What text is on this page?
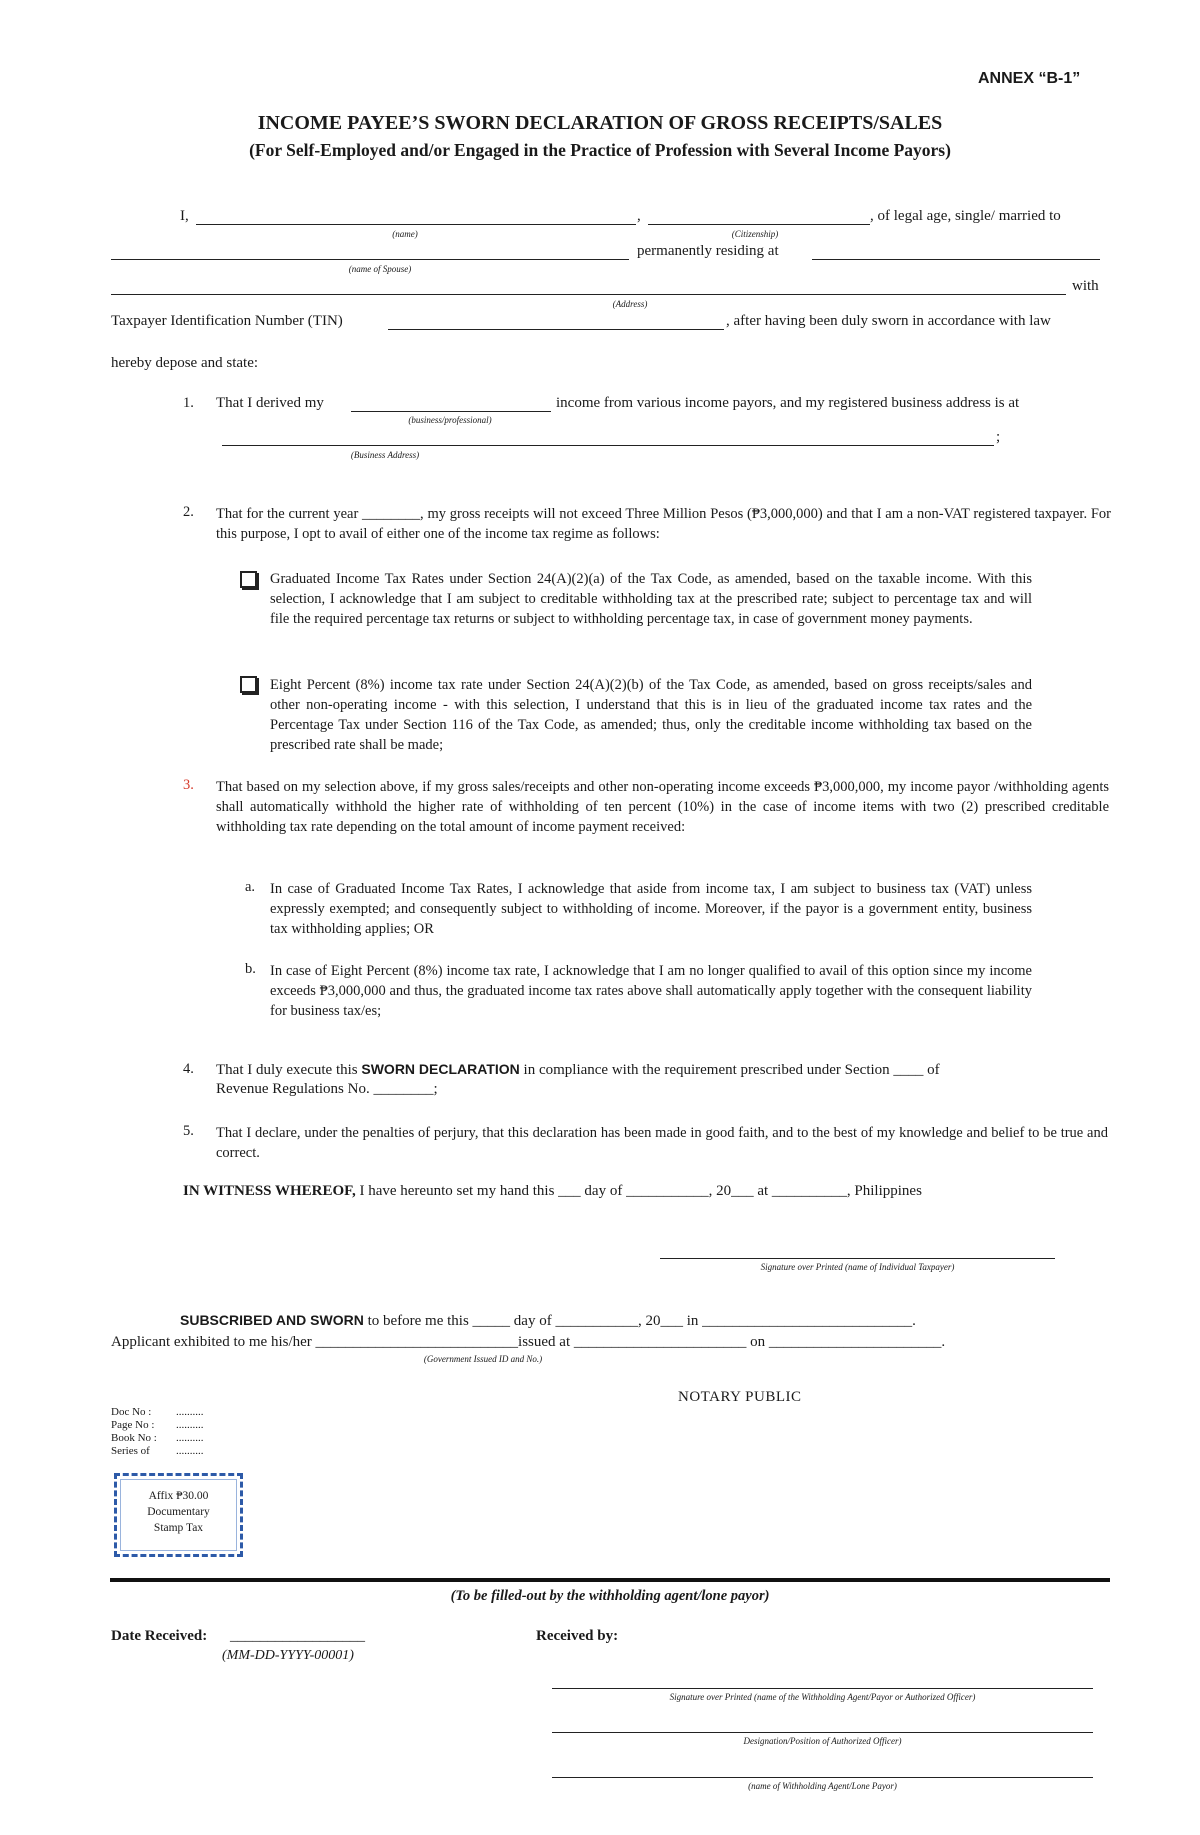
ANNEX “B-1”
INCOME PAYEE’S SWORN DECLARATION OF GROSS RECEIPTS/SALES
(For Self-Employed and/or Engaged in the Practice of Profession with Several Income Payors)
I,	,	, of legal age, single/ married to
(name)	(Citizenship)
permanently residing at
(name of Spouse)
with
(Address)
Taxpayer Identification Number (TIN)	, after having been duly sworn in accordance with law
hereby depose and state:
1. That I derived my	income from various income payors, and my registered business address is at
(business/professional)
;
(Business Address)
2. That for the current year ________, my gross receipts will not exceed Three Million Pesos (₱3,000,000) and that I am a non-VAT registered taxpayer. For this purpose, I opt to avail of either one of the income tax regime as follows:
Graduated Income Tax Rates under Section 24(A)(2)(a) of the Tax Code, as amended, based on the taxable income. With this selection, I acknowledge that I am subject to creditable withholding tax at the prescribed rate; subject to percentage tax and will file the required percentage tax returns or subject to withholding percentage tax, in case of government money payments.
Eight Percent (8%) income tax rate under Section 24(A)(2)(b) of the Tax Code, as amended, based on gross receipts/sales and other non-operating income - with this selection, I understand that this is in lieu of the graduated income tax rates and the Percentage Tax under Section 116 of the Tax Code, as amended; thus, only the creditable income withholding tax based on the prescribed rate shall be made;
3. That based on my selection above, if my gross sales/receipts and other non-operating income exceeds ₱3,000,000, my income payor /withholding agents shall automatically withhold the higher rate of withholding of ten percent (10%) in the case of income items with two (2) prescribed creditable withholding tax rate depending on the total amount of income payment received:
a. In case of Graduated Income Tax Rates, I acknowledge that aside from income tax, I am subject to business tax (VAT) unless expressly exempted; and consequently subject to withholding of income. Moreover, if the payor is a government entity, business tax withholding applies; OR
b. In case of Eight Percent (8%) income tax rate, I acknowledge that I am no longer qualified to avail of this option since my income exceeds ₱3,000,000 and thus, the graduated income tax rates above shall automatically apply together with the consequent liability for business tax/es;
4. That I duly execute this SWORN DECLARATION in compliance with the requirement prescribed under Section ____ of
Revenue Regulations No. ________;
5. That I declare, under the penalties of perjury, that this declaration has been made in good faith, and to the best of my knowledge and belief to be true and correct.
IN WITNESS WHEREOF, I have hereunto set my hand this ___ day of ___________, 20___ at __________, Philippines
Signature over Printed (name of Individual Taxpayer)
SUBSCRIBED AND SWORN to before me this _____ day of ___________, 20___ in ____________________________.
Applicant exhibited to me his/her ___________________________issued at _______________________ on _______________________.
(Government Issued ID and No.)
NOTARY PUBLIC
Doc No : ..........
Page No : ..........
Book No : ..........
Series of ..........
Affix ₱30.00
Documentary
Stamp Tax
(To be filled-out by the withholding agent/lone payor)
Date Received: __________________
(MM-DD-YYYY-00001)
Received by:
Signature over Printed (name of the Withholding Agent/Payor or Authorized Officer)
Designation/Position of Authorized Officer)
(name of Withholding Agent/Lone Payor)
